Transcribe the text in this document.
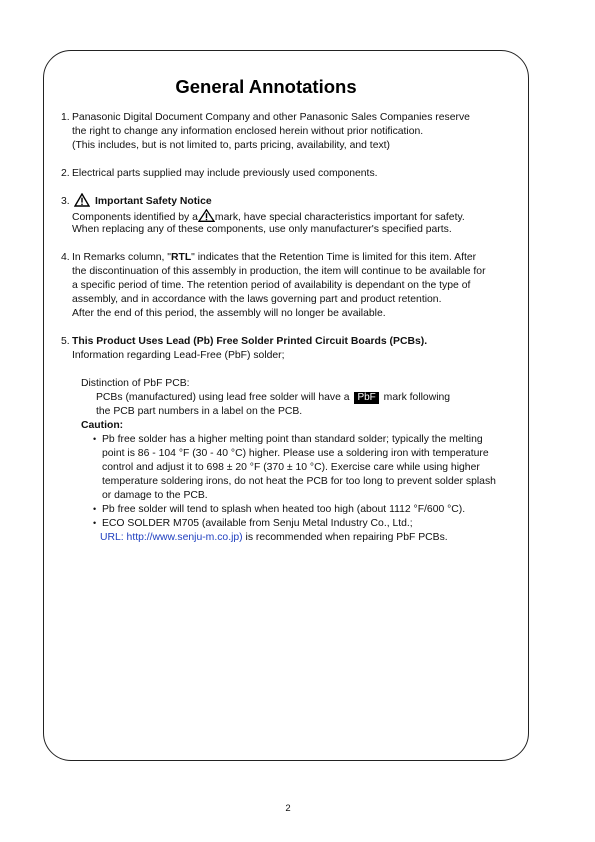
General Annotations
1. Panasonic Digital Document Company and other Panasonic Sales Companies reserve
the right to change any information enclosed herein without prior notification.
(This includes, but is not limited to, parts pricing, availability, and text)
2. Electrical parts supplied may include previously used components.
3. Important Safety Notice
Components identified by a mark, have special characteristics important for safety.
When replacing any of these components, use only manufacturer's specified parts.
4. In Remarks column, "RTL" indicates that the Retention Time is limited for this item. After
the discontinuation of this assembly in production, the item will continue to be available for
a specific period of time. The retention period of availability is dependant on the type of
assembly, and in accordance with the laws governing part and product retention.
After the end of this period, the assembly will no longer be available.
5. This Product Uses Lead (Pb) Free Solder Printed Circuit Boards (PCBs).
Information regarding Lead-Free (PbF) solder;
Distinction of PbF PCB:
PCBs (manufactured) using lead free solder will have a PbF mark following
the PCB part numbers in a label on the PCB.
Caution:
• Pb free solder has a higher melting point than standard solder; typically the melting
point is 86 - 104 °F (30 - 40 °C) higher. Please use a soldering iron with temperature
control and adjust it to 698 ± 20 °F (370 ± 10 °C). Exercise care while using higher
temperature soldering irons, do not heat the PCB for too long to prevent solder splash
or damage to the PCB.
• Pb free solder will tend to splash when heated too high (about 1112 °F/600 °C).
• ECO SOLDER M705 (available from Senju Metal Industry Co., Ltd.;
URL: http://www.senju-m.co.jp) is recommended when repairing PbF PCBs.
2
